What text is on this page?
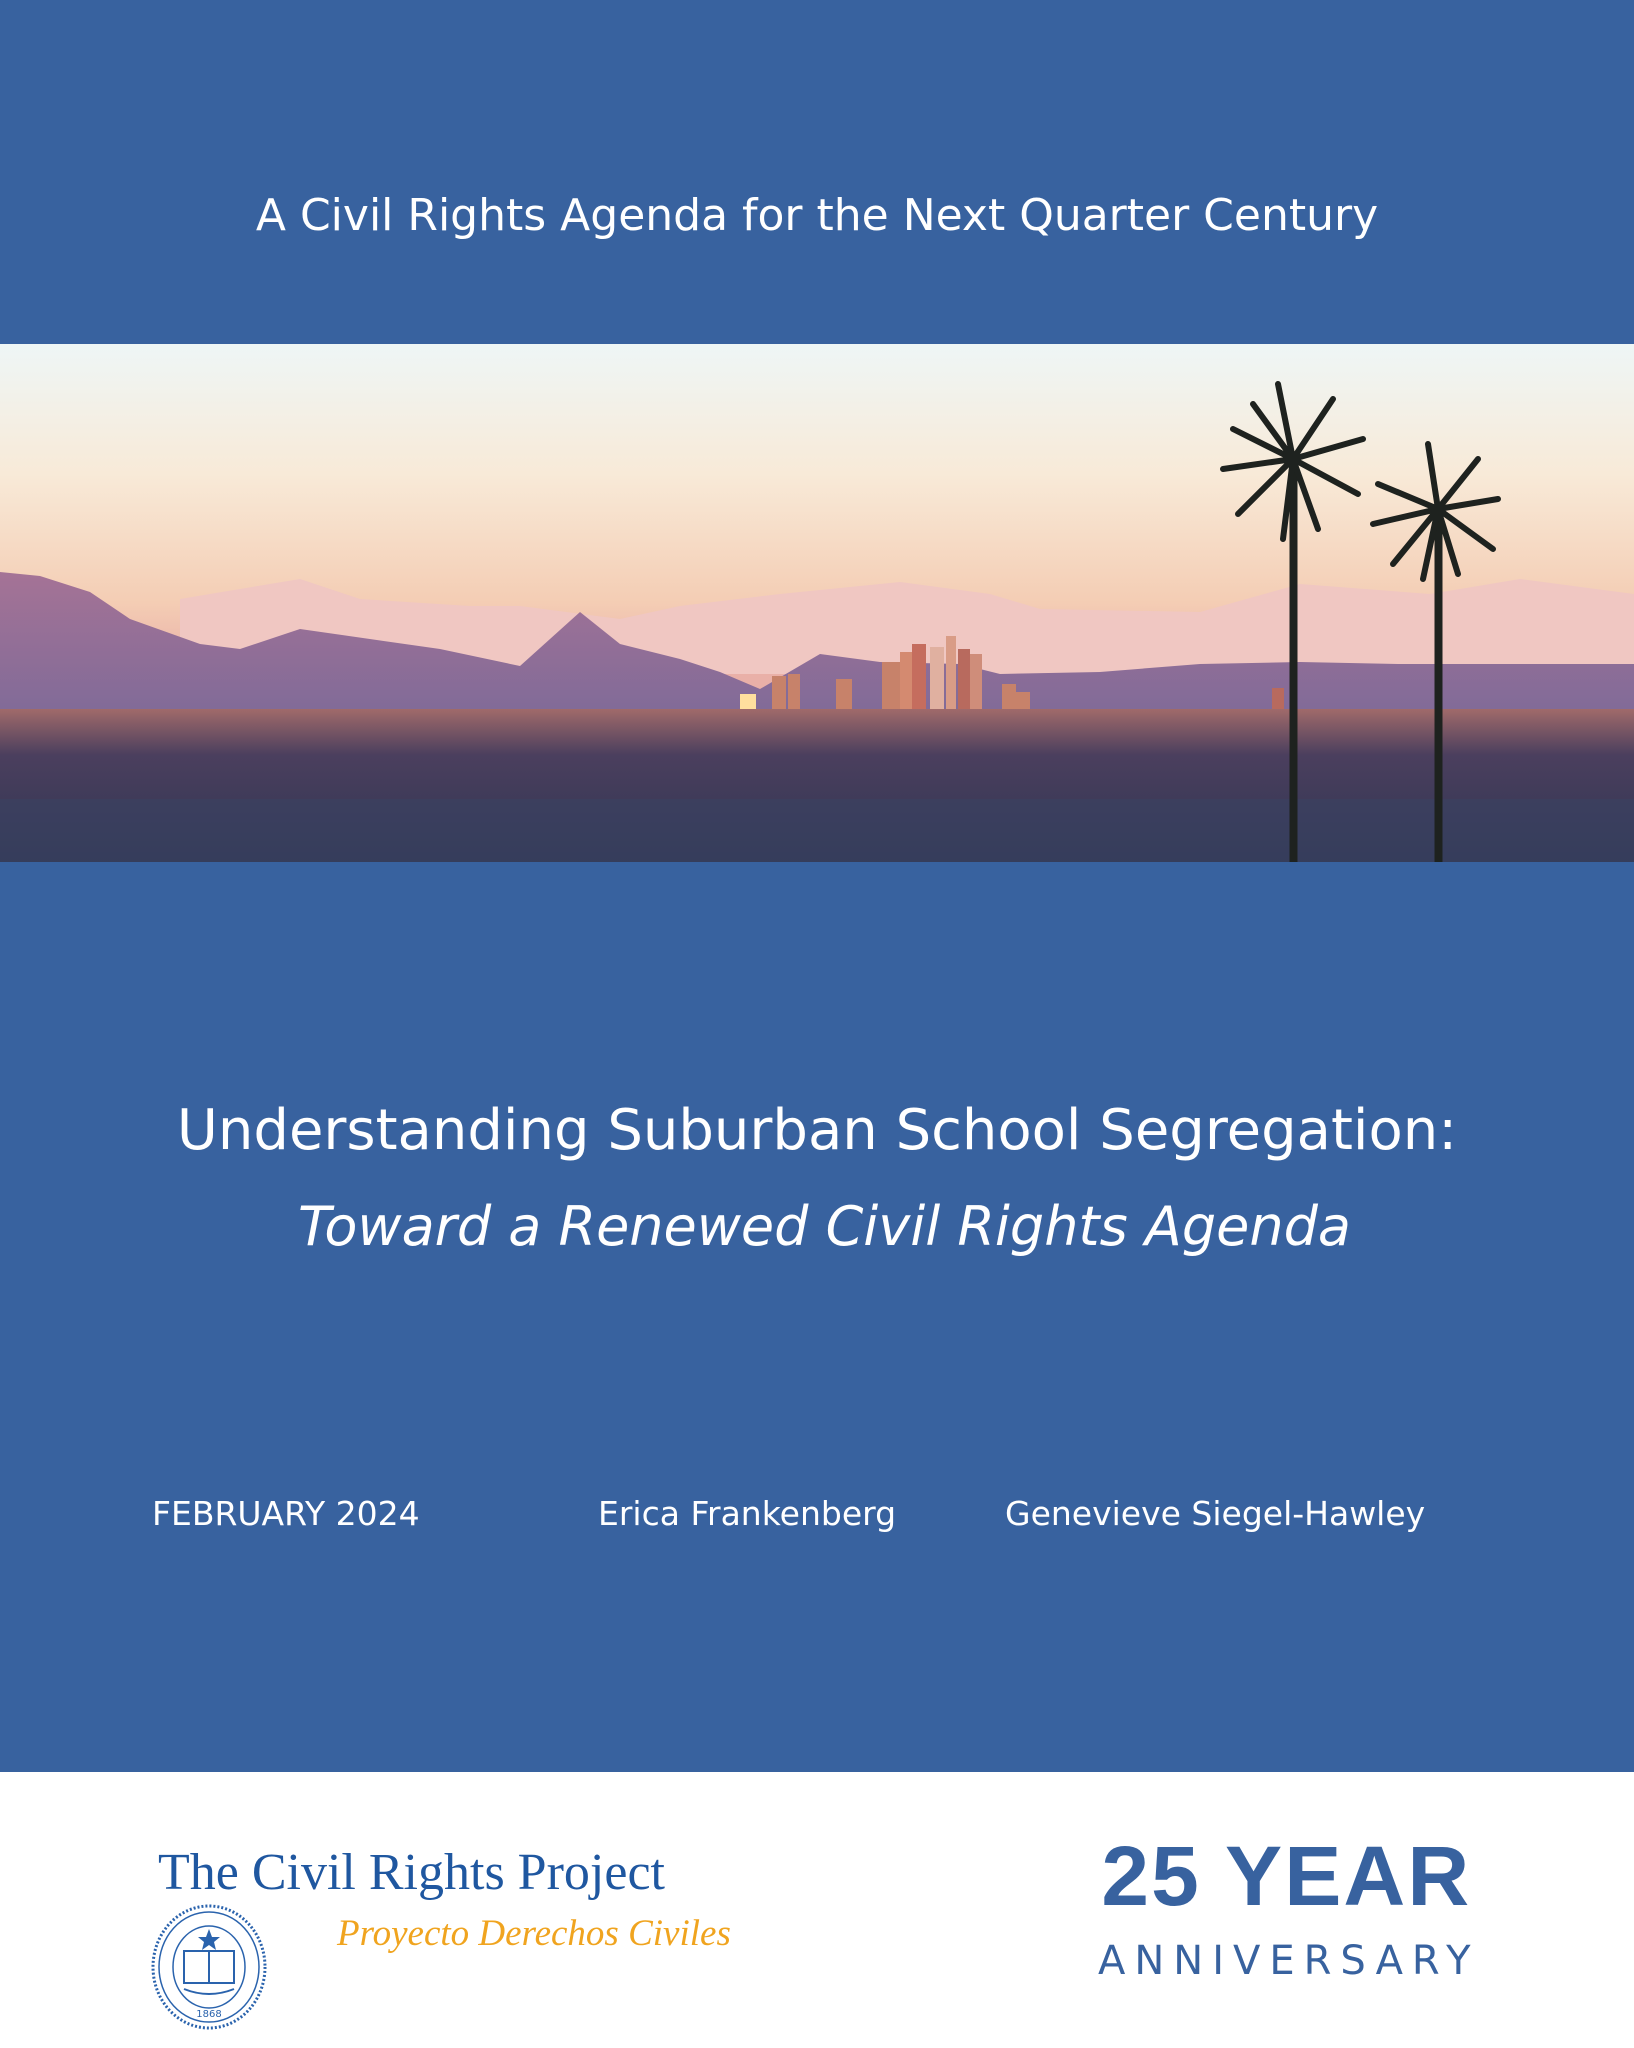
A Civil Rights Agenda for the Next Quarter Century
Understanding Suburban School Segregation:
Toward a Renewed Civil Rights Agenda
FEBRUARY 2024	Erica Frankenberg	Genevieve Siegel-Hawley
The Civil Rights Project
Proyecto Derechos Civiles
1868
25 YEAR
ANNIVERSARY
